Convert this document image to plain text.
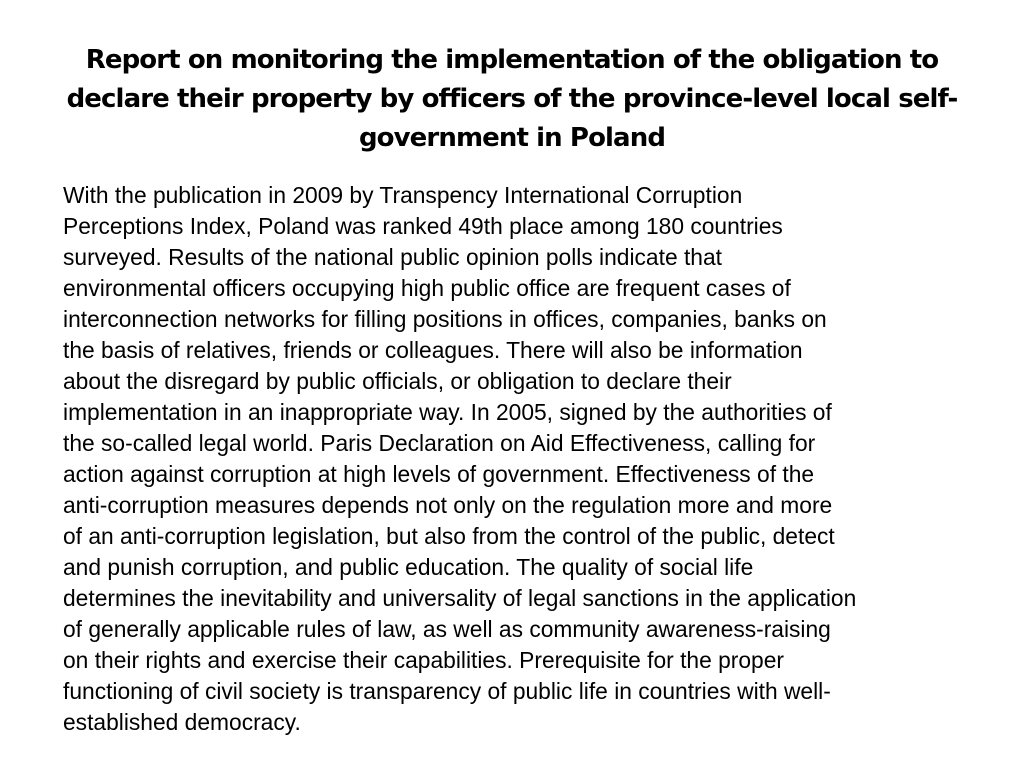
Report on monitoring the implementation of the obligation to declare their property by officers of the province-level local self-government in Poland
With the publication in 2009 by Transpency International Corruption
Perceptions Index, Poland was ranked 49th place among 180 countries
surveyed. Results of the national public opinion polls indicate that
environmental officers occupying high public office are frequent cases of
interconnection networks for filling positions in offices, companies, banks on
the basis of relatives, friends or colleagues. There will also be information
about the disregard by public officials, or obligation to declare their
implementation in an inappropriate way. In 2005, signed by the authorities of
the so-called legal world. Paris Declaration on Aid Effectiveness, calling for
action against corruption at high levels of government. Effectiveness of the
anti-corruption measures depends not only on the regulation more and more
of an anti-corruption legislation, but also from the control of the public, detect
and punish corruption, and public education. The quality of social life
determines the inevitability and universality of legal sanctions in the application
of generally applicable rules of law, as well as community awareness-raising
on their rights and exercise their capabilities. Prerequisite for the proper
functioning of civil society is transparency of public life in countries with well-
established democracy.
